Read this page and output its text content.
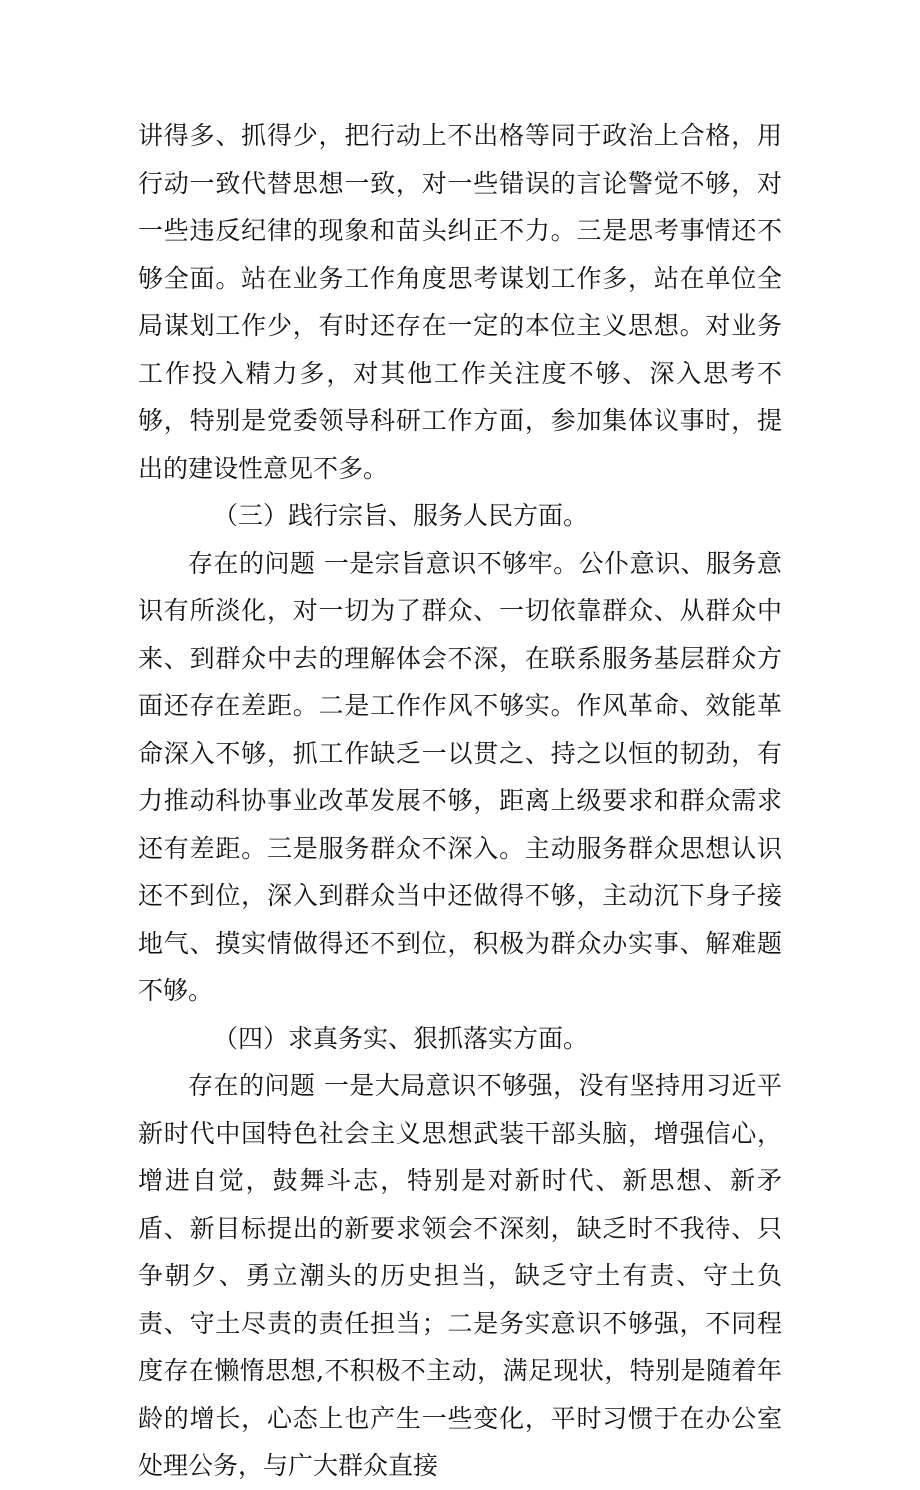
讲得多、抓得少，把行动上不出格等同于政治上合格，用行动一致代替思想一致，对一些错误的言论警觉不够，对一些违反纪律的现象和苗头纠正不力。三是思考事情还不够全面。站在业务工作角度思考谋划工作多，站在单位全局谋划工作少，有时还存在一定的本位主义思想。对业务工作投入精力多，对其他工作关注度不够、深入思考不够，特别是党委领导科研工作方面，参加集体议事时，提出的建设性意见不多。

（三）践行宗旨、服务人民方面。

存在的问题 一是宗旨意识不够牢。公仆意识、服务意识有所淡化，对一切为了群众、一切依靠群众、从群众中来、到群众中去的理解体会不深，在联系服务基层群众方面还存在差距。二是工作作风不够实。作风革命、效能革命深入不够，抓工作缺乏一以贯之、持之以恒的韧劲，有力推动科协事业改革发展不够，距离上级要求和群众需求还有差距。三是服务群众不深入。主动服务群众思想认识还不到位，深入到群众当中还做得不够，主动沉下身子接地气、摸实情做得还不到位，积极为群众办实事、解难题不够。

（四）求真务实、狠抓落实方面。

存在的问题 一是大局意识不够强，没有坚持用习近平新时代中国特色社会主义思想武装干部头脑，增强信心，增进自觉，鼓舞斗志，特别是对新时代、新思想、新矛盾、新目标提出的新要求领会不深刻，缺乏时不我待、只争朝夕、勇立潮头的历史担当，缺乏守土有责、守土负责、守土尽责的责任担当；二是务实意识不够强，不同程度存在懒惰思想,不积极不主动，满足现状，特别是随着年龄的增长，心态上也产生一些变化，平时习惯于在办公室处理公务，与广大群众直接
